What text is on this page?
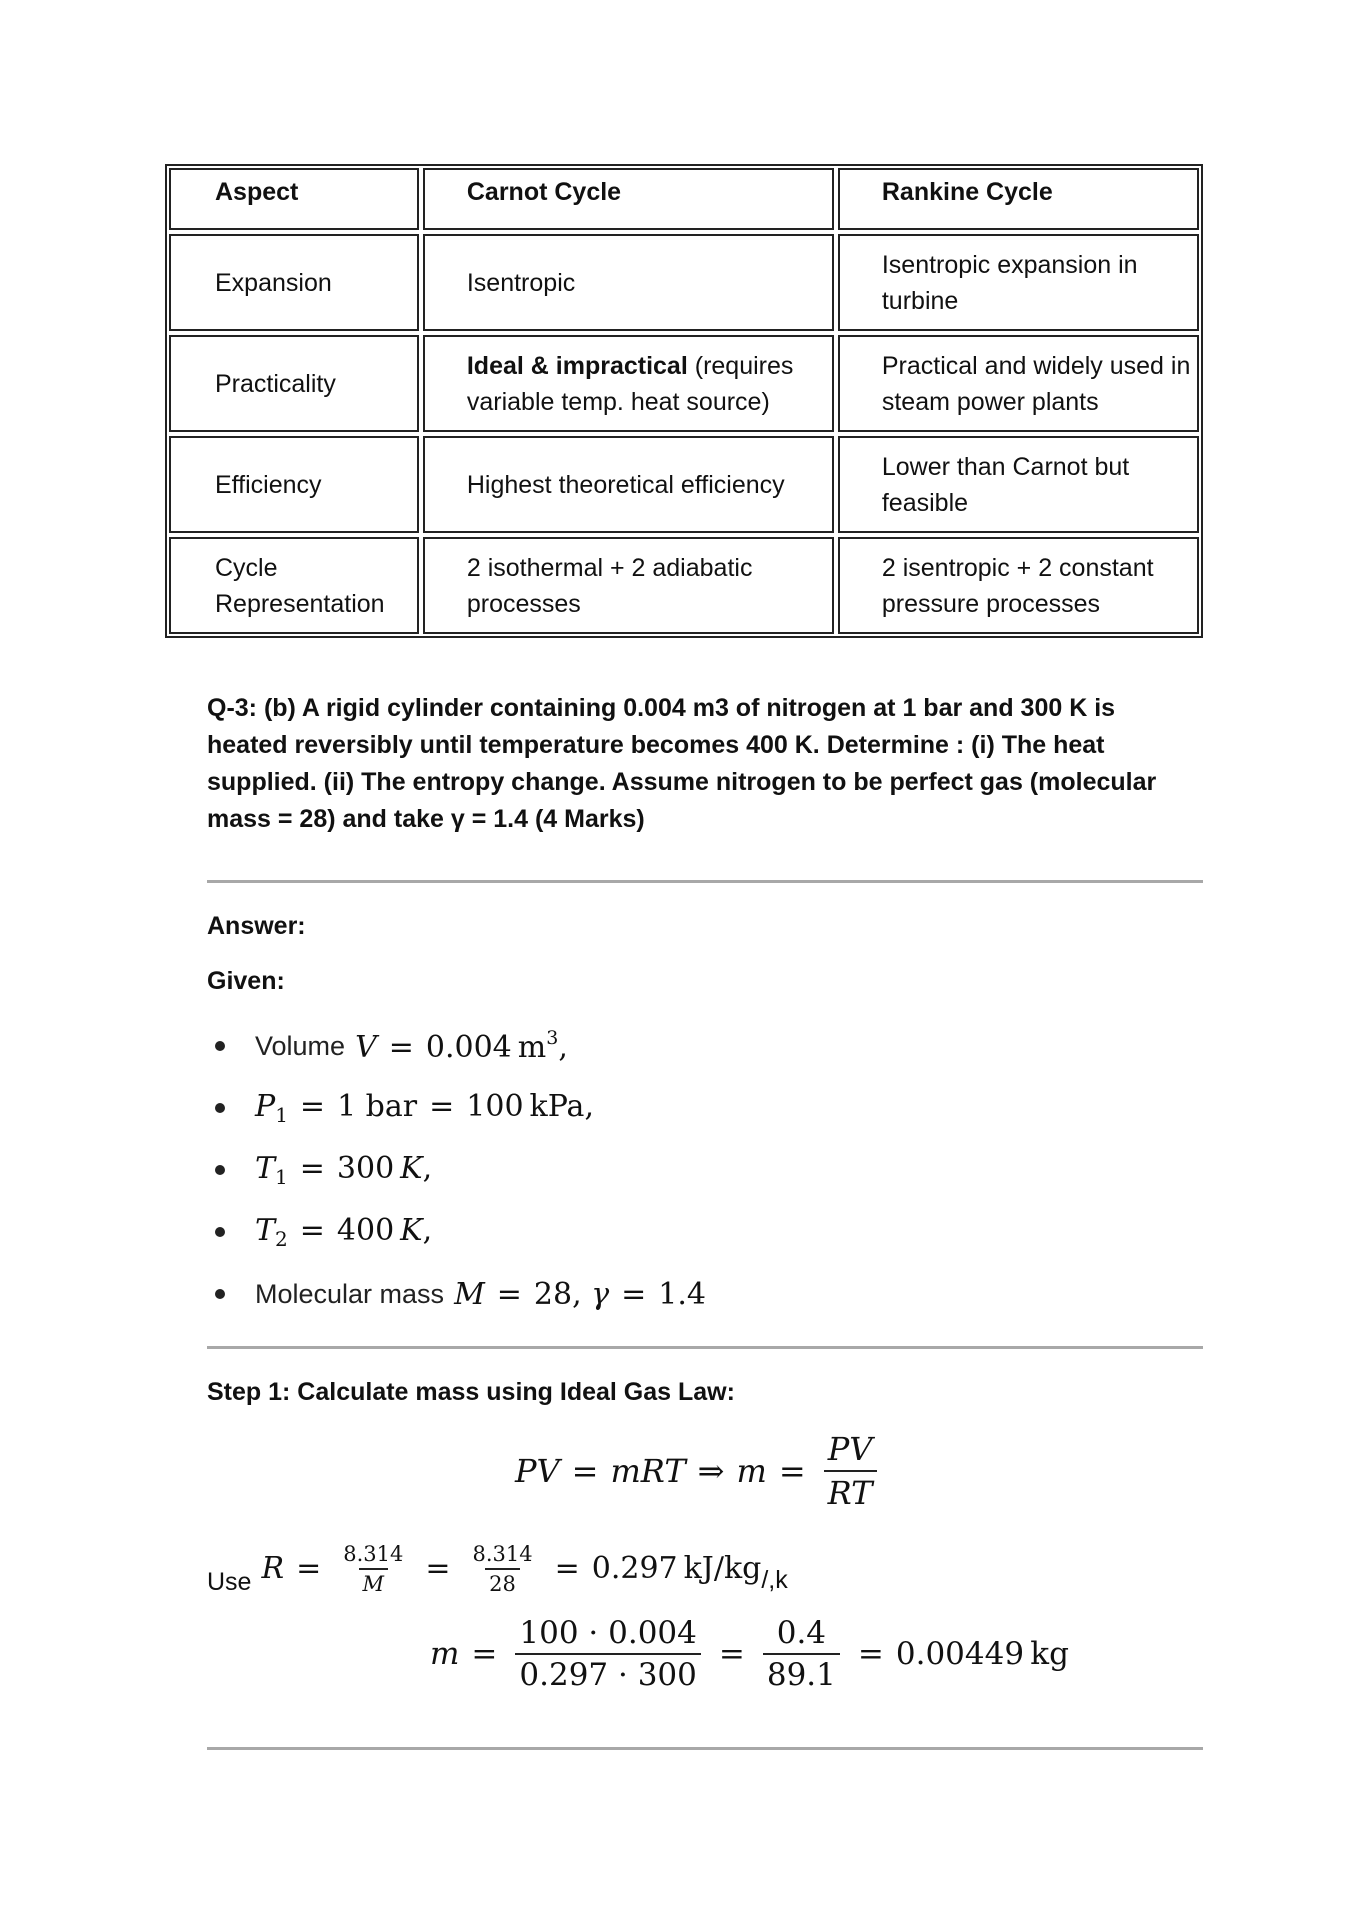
Aspect	Carnot Cycle	Rankine Cycle
Expansion	Isentropic	Isentropic expansion in turbine
Practicality	Ideal & impractical (requires variable temp. heat source)	Practical and widely used in steam power plants
Efficiency	Highest theoretical efficiency	Lower than Carnot but feasible
Cycle Representation	2 isothermal + 2 adiabatic processes	2 isentropic + 2 constant pressure processes
Q-3: (b) A rigid cylinder containing 0.004 m3 of nitrogen at 1 bar and 300 K is heated reversibly until temperature becomes 400 K. Determine : (i) The heat supplied. (ii) The entropy change. Assume nitrogen to be perfect gas (molecular mass = 28) and take γ = 1.4 (4 Marks)
Answer:
Given:
Volume V = 0.004  $m^3$,
$P_1 = 1$ bar = 100  kPa,
$T_1 = 300$  K,
$T_2 = 400$  K,
Molecular mass M = 28, γ = 1.4
Step 1: Calculate mass using Ideal Gas Law:
PV = mRT ⇒ $m = \frac{PV}{RT}$
Use $R = \frac{8.314}{M} = \frac{8.314}{28} = 0.297$
  kJ/kg /,k
$m = \frac{100 \cdot 0.004}{0.297 \cdot 300} = \frac{0.4}{89.1} = 0.00449$
  kg
